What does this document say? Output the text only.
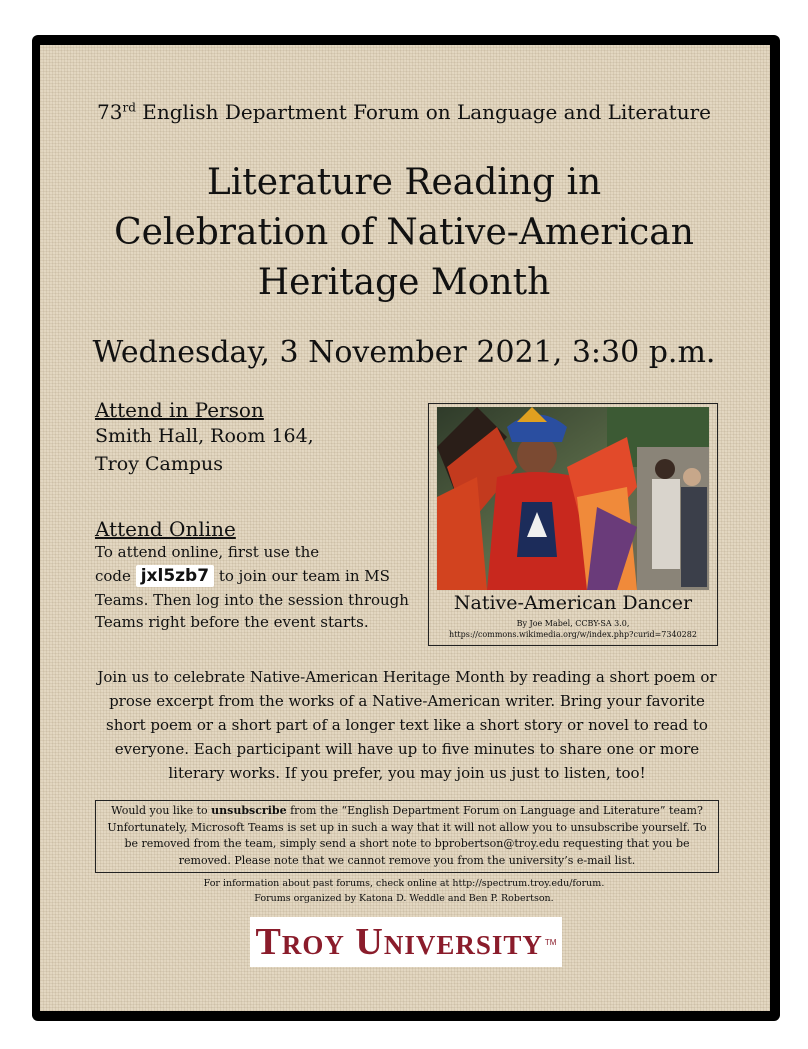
73rd English Department Forum on Language and Literature
Literature Reading in
Celebration of Native-American
Heritage Month
Wednesday, 3 November 2021, 3:30 p.m.
Attend in Person
Smith Hall, Room 164,
Troy Campus
Attend Online
To attend online, first use the
code jxl5zb7 to join our team in MS
Teams. Then log into the session through
Teams right before the event starts.
Native-American Dancer
By Joe Mabel, CCBY-SA 3.0,
https://commons.wikimedia.org/w/index.php?curid=7340282
Join us to celebrate Native-American Heritage Month by reading a short poem or prose excerpt from the works of a Native-American writer. Bring your favorite short poem or a short part of a longer text like a short story or novel to read to everyone. Each participant will have up to five minutes to share one or more literary works. If you prefer, you may join us just to listen, too!
Would you like to unsubscribe from the “English Department Forum on Language and Literature” team? Unfortunately, Microsoft Teams is set up in such a way that it will not allow you to unsubscribe yourself. To be removed from the team, simply send a short note to bprobertson@troy.edu requesting that you be removed. Please note that we cannot remove you from the university’s e-mail list.
For information about past forums, check online at http://spectrum.troy.edu/forum.
Forums organized by Katona D. Weddle and Ben P. Robertson.
Troy University TM
